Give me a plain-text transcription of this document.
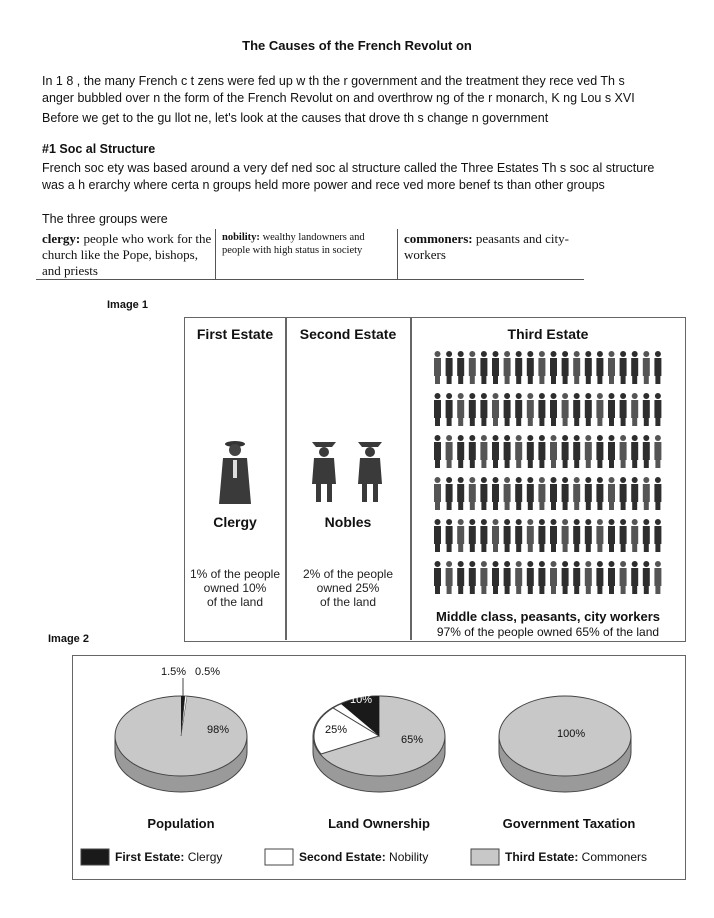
The Causes of the French Revolut on
In 1 8 , the many French c t zens were fed up w th the r government and the treatment they rece ved Th s
anger bubbled over n the form of the French Revolut on and overthrow ng of the r monarch, K ng Lou s XVI
Before we get to the gu llot ne, let's look at the causes that drove th s change n government
#1 Soc al Structure
French soc ety was based around a very def ned soc al structure called the Three Estates Th s soc al structure
was a h erarchy where certa n groups held more power and rece ved more benef ts than other groups
The three groups were
clergy: people who work for the church like the Pope, bishops, and priests
nobility: wealthy landowners and people with high status in society
commoners: peasants and city-workers
Image 1
First Estate	Second Estate	Third Estate
Clergy
1% of the people
owned 10%
of the land
Nobles
2% of the people
owned 25%
of the land
Middle class, peasants, city workers
97% of the people owned 65% of the land
Image 2
1.5% 0.5%
98%
10%
25%
65%	100%
Population	Land Ownership	Government Taxation
First Estate: Clergy	Second Estate: Nobility	Third Estate: Commoners
